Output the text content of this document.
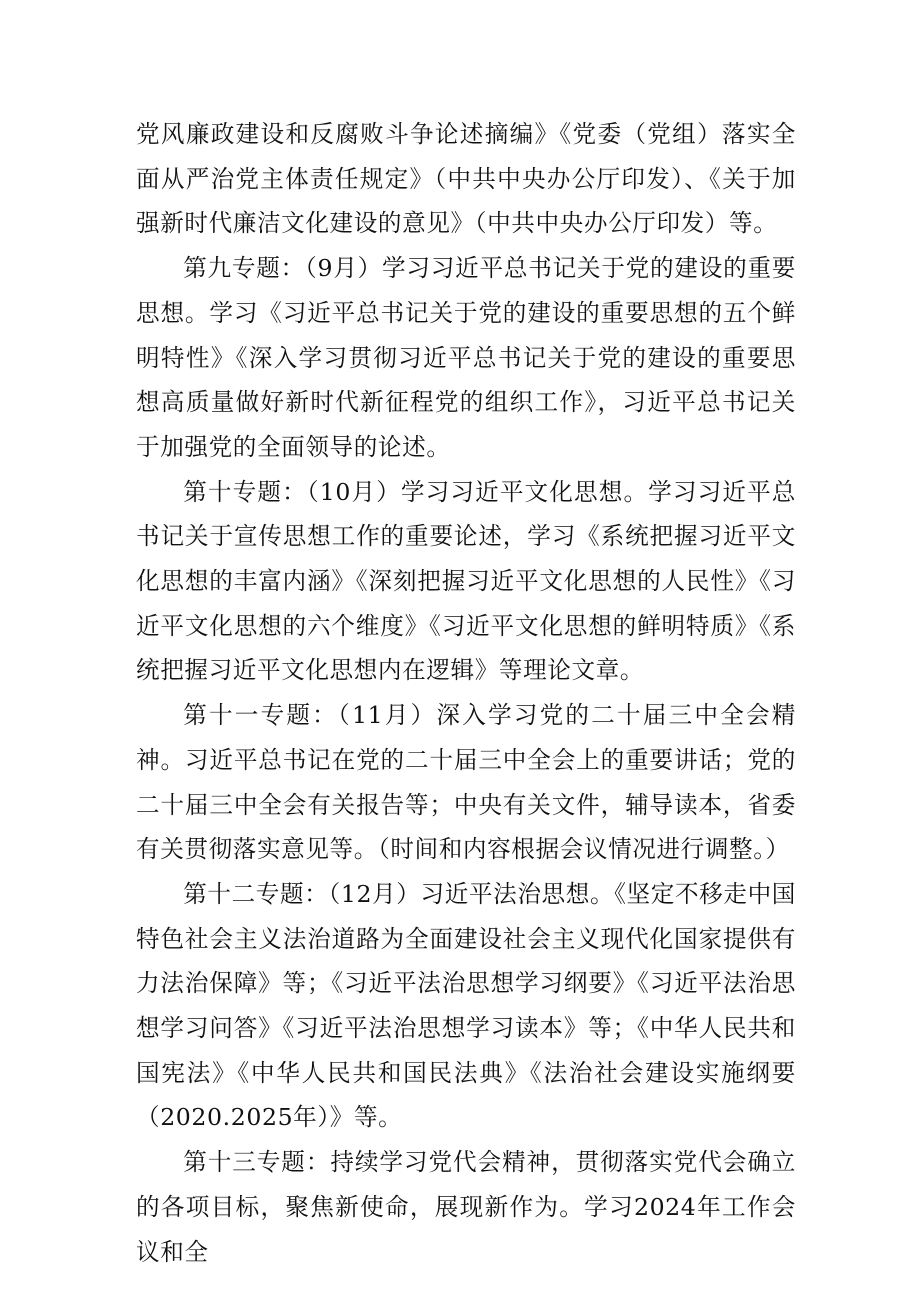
党风廉政建设和反腐败斗争论述摘编》《党委（党组）落实全面从严治党主体责任规定》（中共中央办公厅印发）、《关于加强新时代廉洁文化建设的意见》（中共中央办公厅印发）等。

第九专题：（9月）学习习近平总书记关于党的建设的重要思想。学习《习近平总书记关于党的建设的重要思想的五个鲜明特性》《深入学习贯彻习近平总书记关于党的建设的重要思想高质量做好新时代新征程党的组织工作》，习近平总书记关于加强党的全面领导的论述。

第十专题：（10月）学习习近平文化思想。学习习近平总书记关于宣传思想工作的重要论述，学习《系统把握习近平文化思想的丰富内涵》《深刻把握习近平文化思想的人民性》《习近平文化思想的六个维度》《习近平文化思想的鲜明特质》《系统把握习近平文化思想内在逻辑》等理论文章。

第十一专题：（11月）深入学习党的二十届三中全会精神。习近平总书记在党的二十届三中全会上的重要讲话；党的二十届三中全会有关报告等；中央有关文件，辅导读本，省委有关贯彻落实意见等。（时间和内容根据会议情况进行调整。）

第十二专题：（12月）习近平法治思想。《坚定不移走中国特色社会主义法治道路为全面建设社会主义现代化国家提供有力法治保障》等；《习近平法治思想学习纲要》《习近平法治思想学习问答》《习近平法治思想学习读本》等；《中华人民共和国宪法》《中华人民共和国民法典》《法治社会建设实施纲要（2020.2025年）》等。

第十三专题：持续学习党代会精神，贯彻落实党代会确立的各项目标，聚焦新使命，展现新作为。学习2024年工作会议和全
